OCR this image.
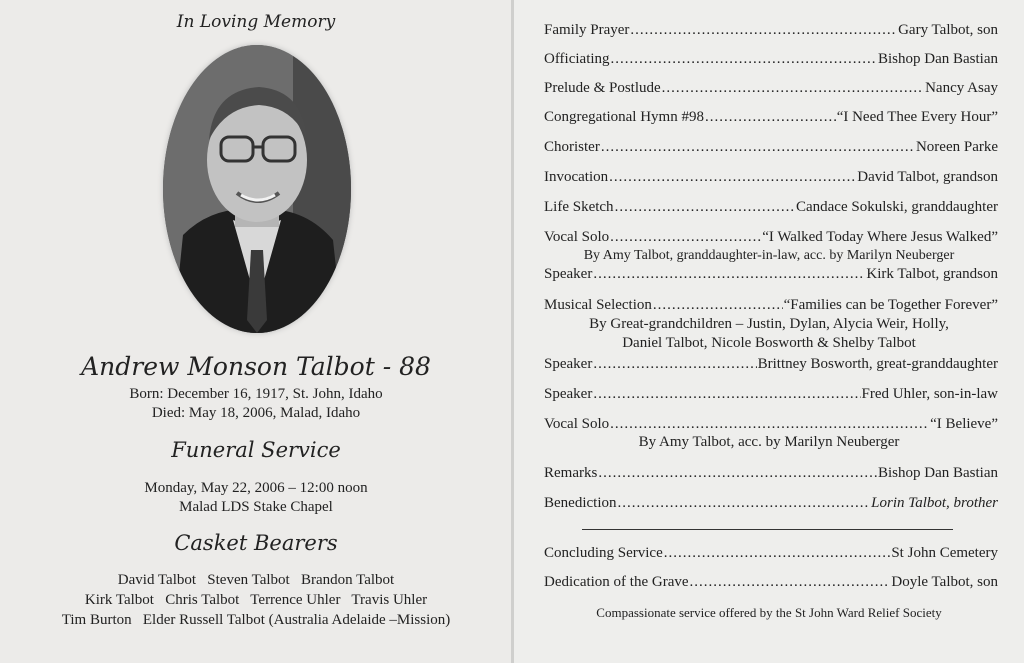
In Loving Memory
Andrew Monson Talbot - 88
Born: December 16, 1917, St. John, Idaho
Died: May 18, 2006, Malad, Idaho
Funeral Service
Monday, May 22, 2006 – 12:00 noon
Malad LDS Stake Chapel
Casket Bearers
David Talbot   Steven Talbot   Brandon Talbot
Kirk Talbot   Chris Talbot   Terrence Uhler   Travis Uhler
Tim Burton   Elder Russell Talbot (Australia Adelaide –Mission)
Family Prayer .....	Gary Talbot, son
Officiating .....	Bishop Dan Bastian
Prelude & Postlude .....	Nancy Asay
Congregational Hymn #98 .....	“I Need Thee Every Hour”
Chorister .....	Noreen Parke
Invocation .....	David Talbot, grandson
Life Sketch .....	Candace Sokulski, granddaughter
Vocal Solo .....	“I Walked Today Where Jesus Walked”
By Amy Talbot, granddaughter-in-law, acc. by Marilyn Neuberger
Speaker .....	Kirk Talbot, grandson
Musical Selection .....	“Families can be Together Forever”
By Great-grandchildren – Justin, Dylan, Alycia Weir, Holly,
Daniel Talbot, Nicole Bosworth & Shelby Talbot
Speaker .....	Brittney Bosworth, great-granddaughter
Speaker .....	Fred Uhler, son-in-law
Vocal Solo .....	“I Believe”
By Amy Talbot, acc. by Marilyn Neuberger
Remarks .....	Bishop Dan Bastian
Benediction .....	Lorin Talbot, brother
Concluding Service .....	St John Cemetery
Dedication of the Grave .....	Doyle Talbot, son
Compassionate service offered by the St John Ward Relief Society
